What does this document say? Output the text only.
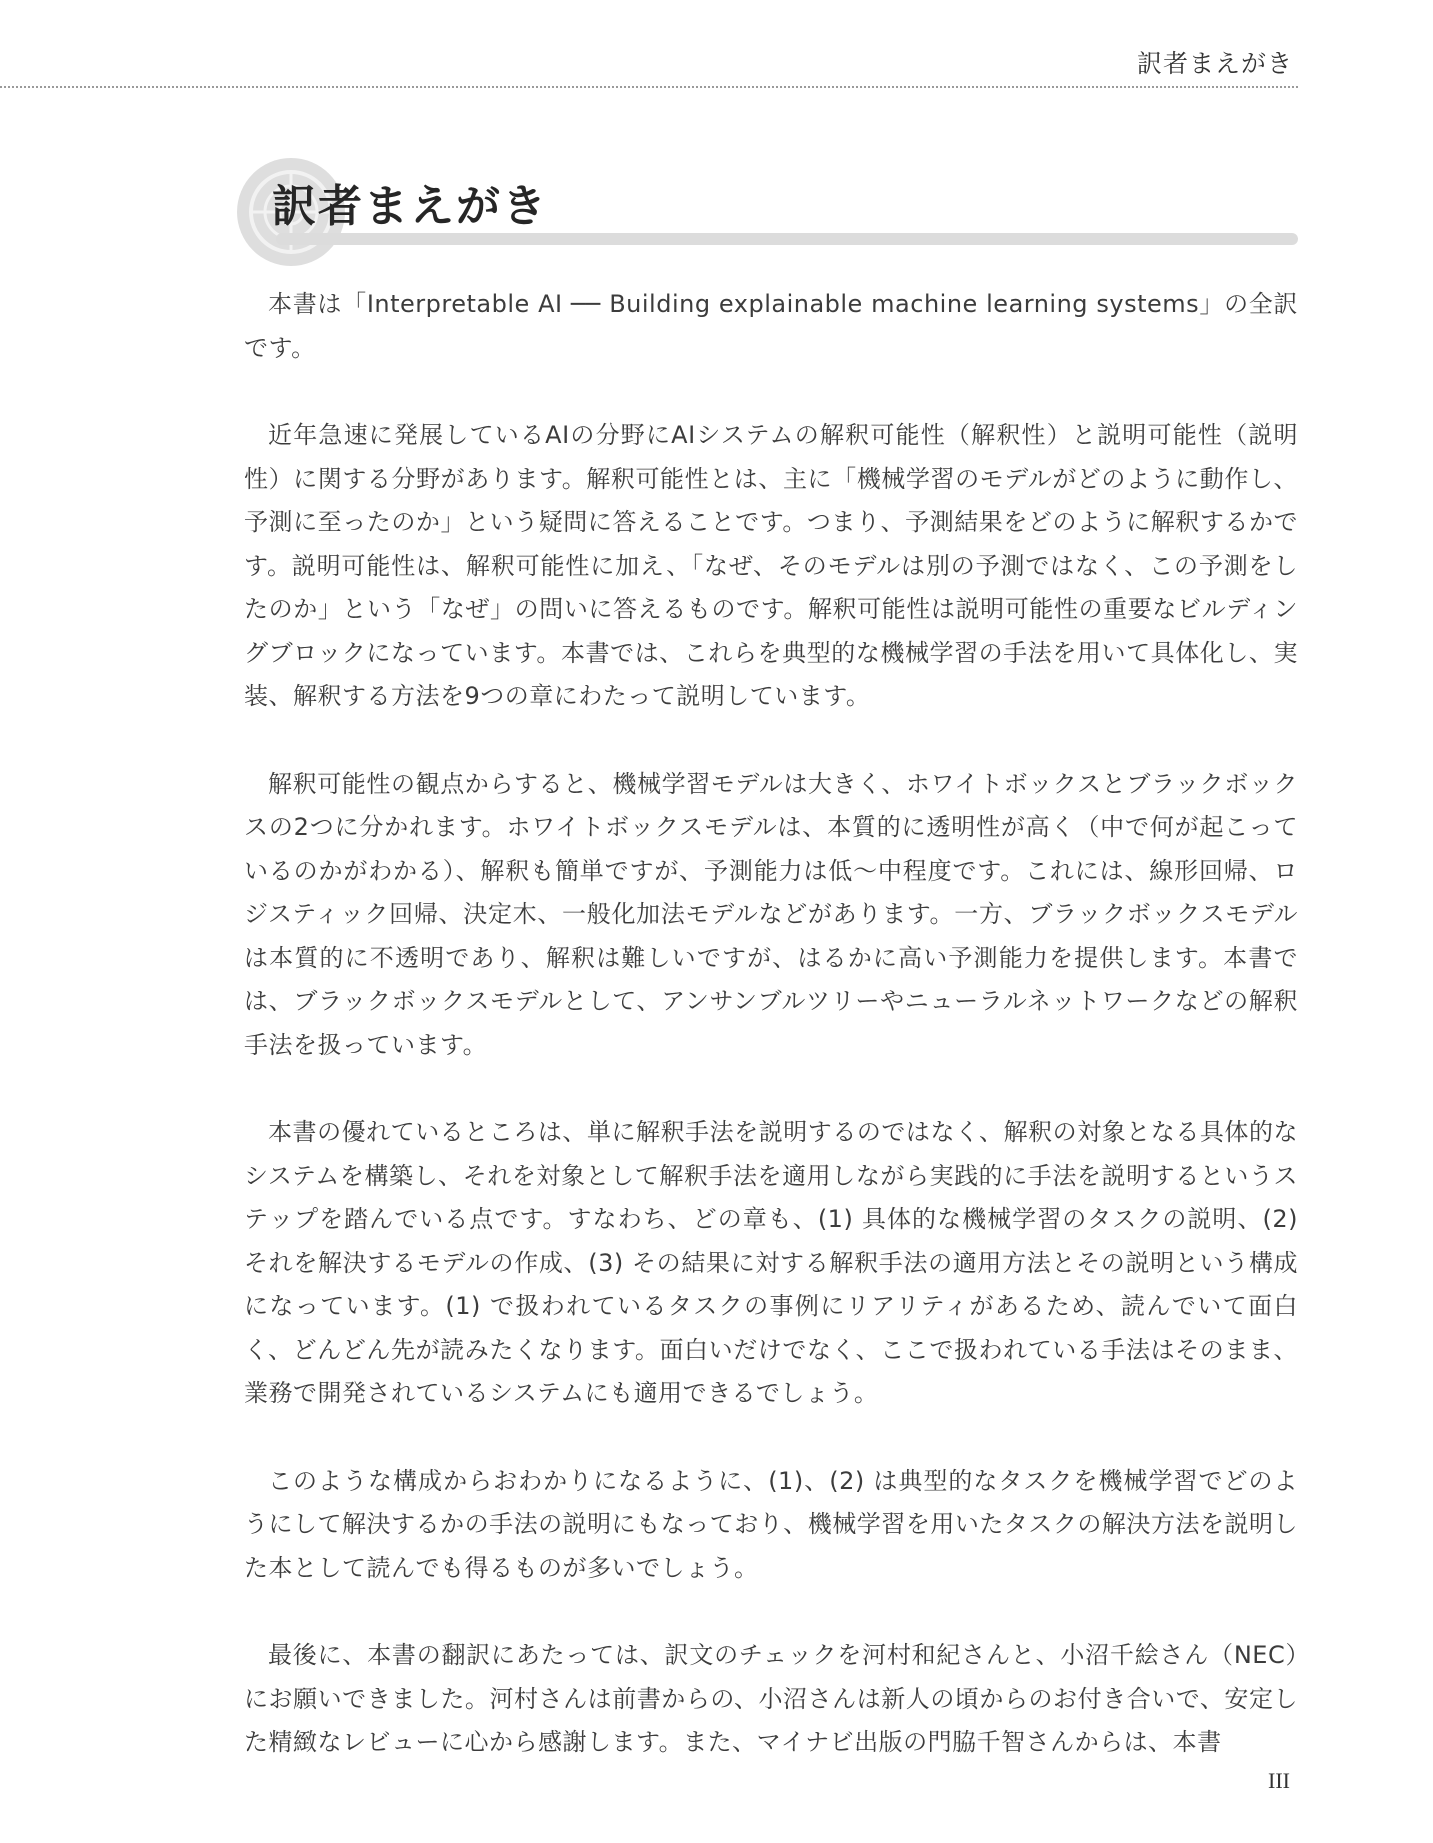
訳者まえがき
訳者まえがき

本書は「Interpretable AI ── Building explainable machine learning systems」の全訳です。

近年急速に発展しているAIの分野にAIシステムの解釈可能性（解釈性）と説明可能性（説明性）に関する分野があります。解釈可能性とは、主に「機械学習のモデルがどのように動作し、予測に至ったのか」という疑問に答えることです。つまり、予測結果をどのように解釈するかです。説明可能性は、解釈可能性に加え、「なぜ、そのモデルは別の予測ではなく、この予測をしたのか」という「なぜ」の問いに答えるものです。解釈可能性は説明可能性の重要なビルディングブロックになっています。本書では、これらを典型的な機械学習の手法を用いて具体化し、実装、解釈する方法を9つの章にわたって説明しています。

解釈可能性の観点からすると、機械学習モデルは大きく、ホワイトボックスとブラックボックスの2つに分かれます。ホワイトボックスモデルは、本質的に透明性が高く（中で何が起こっているのかがわかる）、解釈も簡単ですが、予測能力は低～中程度です。これには、線形回帰、ロジスティック回帰、決定木、一般化加法モデルなどがあります。一方、ブラックボックスモデルは本質的に不透明であり、解釈は難しいですが、はるかに高い予測能力を提供します。本書では、ブラックボックスモデルとして、アンサンブルツリーやニューラルネットワークなどの解釈手法を扱っています。

本書の優れているところは、単に解釈手法を説明するのではなく、解釈の対象となる具体的なシステムを構築し、それを対象として解釈手法を適用しながら実践的に手法を説明するというステップを踏んでいる点です。すなわち、どの章も、(1) 具体的な機械学習のタスクの説明、(2) それを解決するモデルの作成、(3) その結果に対する解釈手法の適用方法とその説明という構成になっています。(1) で扱われているタスクの事例にリアリティがあるため、読んでいて面白く、どんどん先が読みたくなります。面白いだけでなく、ここで扱われている手法はそのまま、業務で開発されているシステムにも適用できるでしょう。

このような構成からおわかりになるように、(1)、(2) は典型的なタスクを機械学習でどのようにして解決するかの手法の説明にもなっており、機械学習を用いたタスクの解決方法を説明した本として読んでも得るものが多いでしょう。

最後に、本書の翻訳にあたっては、訳文のチェックを河村和紀さんと、小沼千絵さん（NEC）にお願いできました。河村さんは前書からの、小沼さんは新人の頃からのお付き合いで、安定した精緻なレビューに心から感謝します。また、マイナビ出版の門脇千智さんからは、本書

III
